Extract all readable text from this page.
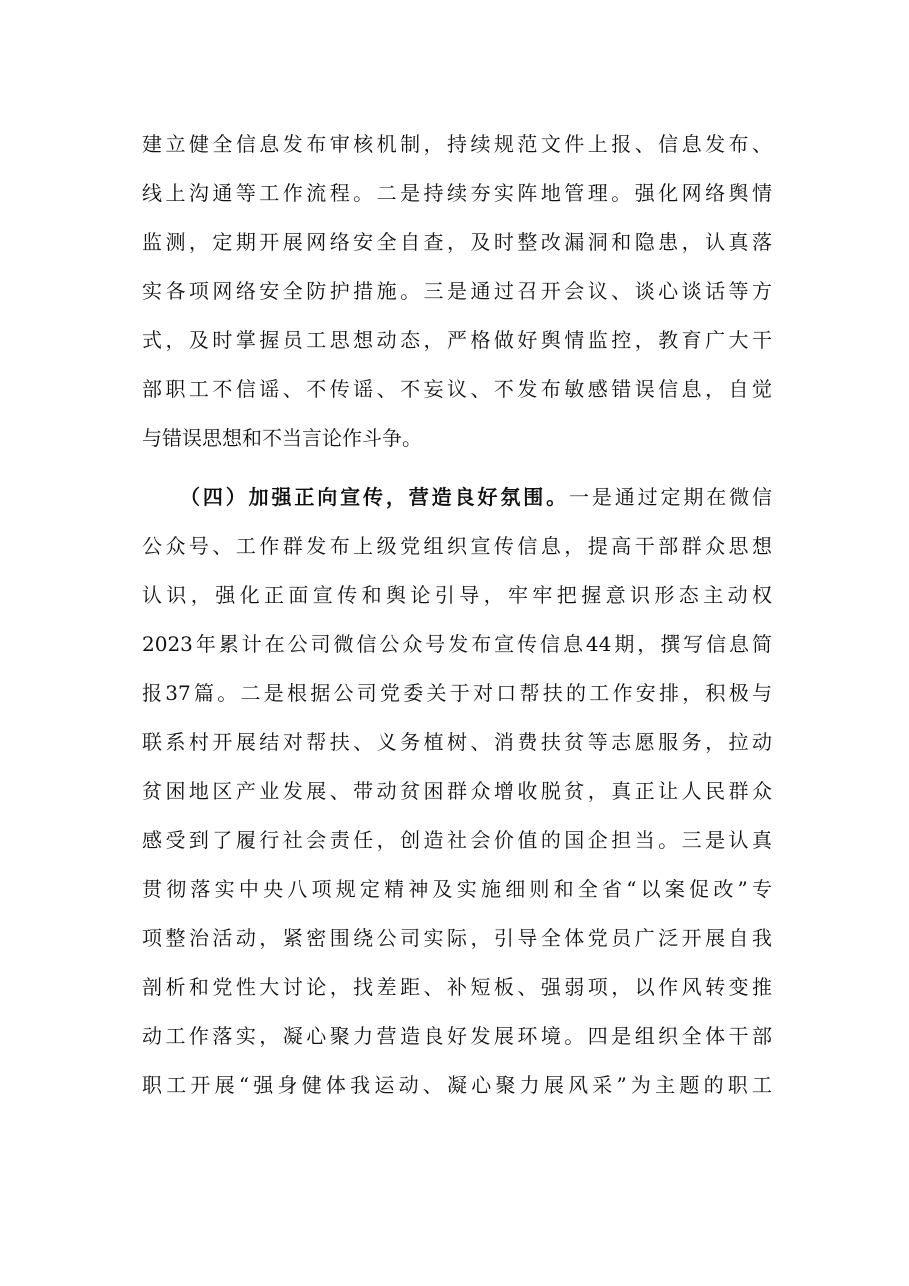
建立健全信息发布审核机制，持续规范文件上报、信息发布、
线上沟通等工作流程。二是持续夯实阵地管理。强化网络舆情
监测，定期开展网络安全自查，及时整改漏洞和隐患，认真落
实各项网络安全防护措施。三是通过召开会议、谈心谈话等方
式，及时掌握员工思想动态，严格做好舆情监控，教育广大干
部职工不信谣、不传谣、不妄议、不发布敏感错误信息，自觉
与错误思想和不当言论作斗争。
（四）加强正向宣传，营造良好氛围。一是通过定期在微信
公众号、工作群发布上级党组织宣传信息，提高干部群众思想
认识，强化正面宣传和舆论引导，牢牢把握意识形态主动权
2023年累计在公司微信公众号发布宣传信息44期，撰写信息简
报37篇。二是根据公司党委关于对口帮扶的工作安排，积极与
联系村开展结对帮扶、义务植树、消费扶贫等志愿服务，拉动
贫困地区产业发展、带动贫困群众增收脱贫，真正让人民群众
感受到了履行社会责任，创造社会价值的国企担当。三是认真
贯彻落实中央八项规定精神及实施细则和全省“以案促改”专
项整治活动，紧密围绕公司实际，引导全体党员广泛开展自我
剖析和党性大讨论，找差距、补短板、强弱项，以作风转变推
动工作落实，凝心聚力营造良好发展环境。四是组织全体干部
职工开展“强身健体我运动、凝心聚力展风采”为主题的职工
